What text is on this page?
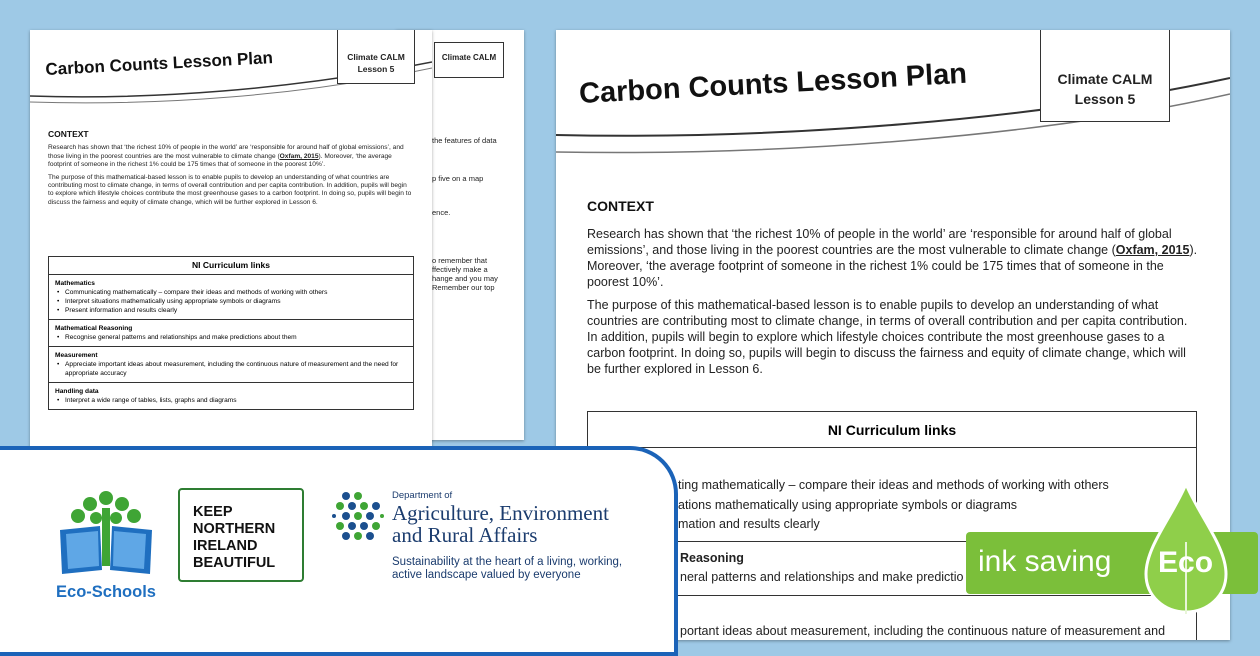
Climate CALM
the features of data
p five on a map
ence.
o remember that
ffectively make a
hange and you may
Remember our top
Carbon Counts Lesson Plan	Climate CALM
Lesson 5
CONTEXT
Research has shown that ‘the richest 10% of people in the world’ are ‘responsible for around half of global emissions’, and those living in the poorest countries are the most vulnerable to climate change (Oxfam, 2015). Moreover, ‘the average footprint of someone in the richest 1% could be 175 times that of someone in the poorest 10%’.
The purpose of this mathematical-based lesson is to enable pupils to develop an understanding of what countries are contributing most to climate change, in terms of overall contribution and per capita contribution. In addition, pupils will begin to explore which lifestyle choices contribute the most greenhouse gases to a carbon footprint. In doing so, pupils will begin to discuss the fairness and equity of climate change, which will be further explored in Lesson 6.
NI Curriculum links

Mathematics
• Communicating mathematically – compare their ideas and methods of working with others
• Interpret situations mathematically using appropriate symbols or diagrams
• Present information and results clearly

Mathematical Reasoning
• Recognise general patterns and relationships and make predictions about them

Measurement
• Appreciate important ideas about measurement, including the continuous nature of measurement and the need for appropriate accuracy

Handling data
• Interpret a wide range of tables, lists, graphs and diagrams
Carbon Counts Lesson Plan	Climate CALM
Lesson 5
CONTEXT
Research has shown that ‘the richest 10% of people in the world’ are ‘responsible for around half of global emissions’, and those living in the poorest countries are the most vulnerable to climate change (Oxfam, 2015). Moreover, ‘the average footprint of someone in the richest 1% could be 175 times that of someone in the poorest 10%’.
The purpose of this mathematical-based lesson is to enable pupils to develop an understanding of what countries are contributing most to climate change, in terms of overall contribution and per capita contribution. In addition, pupils will begin to explore which lifestyle choices contribute the most greenhouse gases to a carbon footprint. In doing so, pupils will begin to discuss the fairness and equity of climate change, which will be further explored in Lesson 6.
NI Curriculum links
ting mathematically – compare their ideas and methods of working with others
ations mathematically using appropriate symbols or diagrams
mation and results clearly
Reasoning
neral patterns and relationships and make predictio
portant ideas about measurement, including the continuous nature of measurement and
Eco-Schools
KEEP
NORTHERN
IRELAND
BEAUTIFUL
Department of
Agriculture, Environment
and Rural Affairs
Sustainability at the heart of a living, working,
active landscape valued by everyone	ink saving Eco
